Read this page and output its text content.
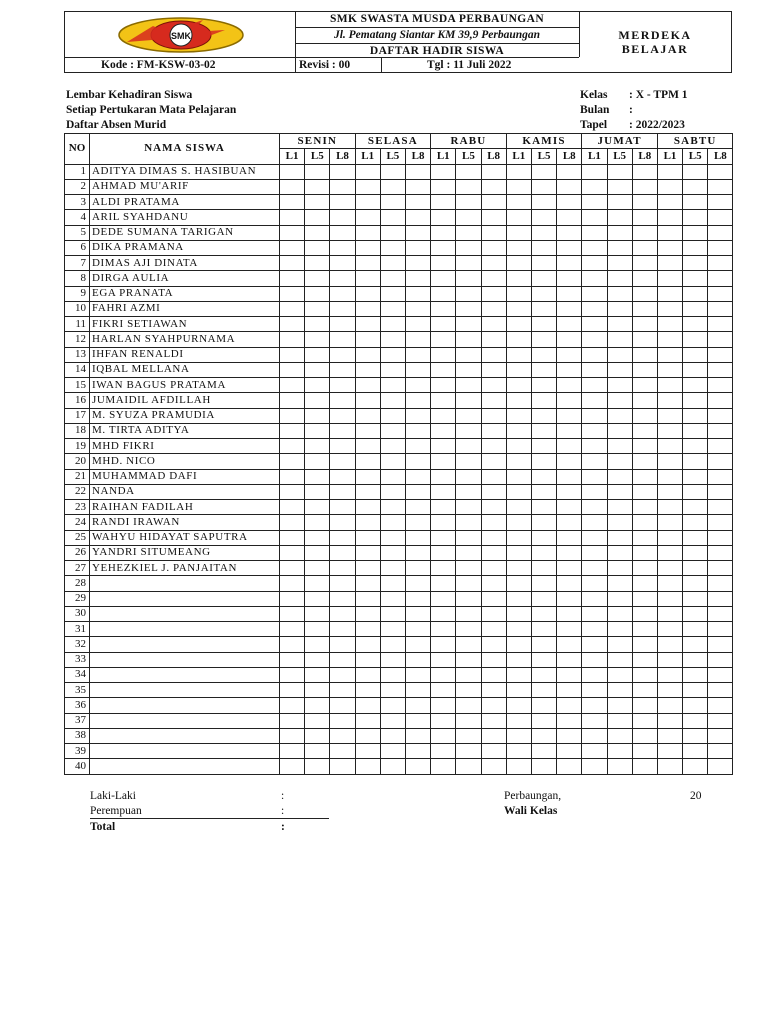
SMK
SMK SWASTA MUSDA PERBAUNGAN
Jl. Pematang Siantar KM 39,9 Perbaungan
DAFTAR HADIR SISWA
MERDEKA
BELAJAR
Kode : FM-KSW-03-02	Revisi : 00	Tgl : 11 Juli 2022
Lembar Kehadiran Siswa
Setiap Pertukaran Mata Pelajaran
Daftar Absen Murid
Kelas : X - TPM 1
Bulan :
Tapel : 2022/2023
NO	NAMA SISWA	SENIN			SELASA			RABU			KAMIS			JUMAT			SABTU		
		L1	L5	L8	L1	L5	L8	L1	L5	L8	L1	L5	L8	L1	L5	L8	L1	L5	L8
1	ADITYA DIMAS S. HASIBUAN																		
2	AHMAD MU'ARIF																		
3	ALDI PRATAMA																		
4	ARIL SYAHDANU																		
5	DEDE SUMANA TARIGAN																		
6	DIKA PRAMANA																		
7	DIMAS AJI DINATA																		
8	DIRGA AULIA																		
9	EGA PRANATA																		
10	FAHRI AZMI																		
11	FIKRI SETIAWAN																		
12	HARLAN SYAHPURNAMA																		
13	IHFAN RENALDI																		
14	IQBAL MELLANA																		
15	IWAN BAGUS PRATAMA																		
16	JUMAIDIL AFDILLAH																		
17	M. SYUZA PRAMUDIA																		
18	M. TIRTA ADITYA																		
19	MHD FIKRI																		
20	MHD. NICO																		
21	MUHAMMAD DAFI																		
22	NANDA																		
23	RAIHAN FADILAH																		
24	RANDI IRAWAN																		
25	WAHYU HIDAYAT SAPUTRA																		
26	YANDRI SITUMEANG																		
27	YEHEZKIEL J. PANJAITAN																		
28																			
29																			
30																			
31																			
32																			
33																			
34																			
35																			
36																			
37																			
38																			
39																			
40																			
Laki-Laki	:
Perempuan	:
Total	:
Perbaungan,	20
Wali Kelas
